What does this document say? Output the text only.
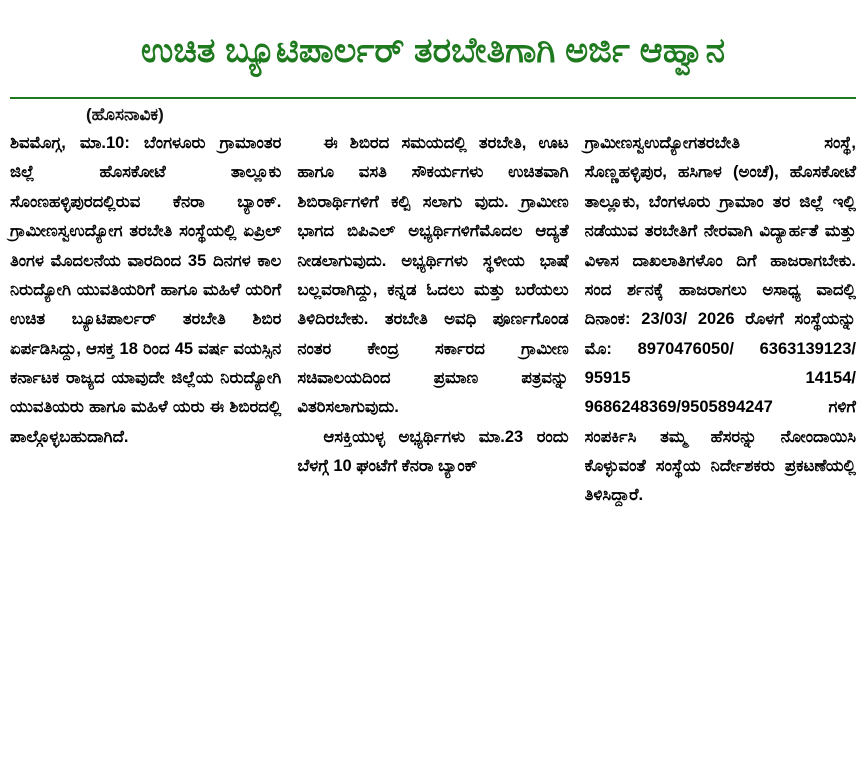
ಉಚಿತ ಬ್ಯೂಟಿಪಾರ್ಲರ್ ತರಬೇತಿಗಾಗಿ ಅರ್ಜಿ ಆಹ್ವಾನ
(ಹೊಸನಾವಿಕ)

ಶಿವಮೊಗ್ಗ, ಮಾ.10: ಬೆಂಗಳೂರು ಗ್ರಾಮಾಂತರ ಜಿಲ್ಲೆ ಹೊಸಕೋಟೆ ತಾಲ್ಲೂಕು ಸೊಂಣಹಳ್ಳಿಪುರದಲ್ಲಿರುವ ಕೆನರಾ ಬ್ಯಾಂಕ್. ಗ್ರಾಮೀಣಸ್ವಉದ್ಯೋಗ ತರಬೇತಿ ಸಂಸ್ಥೆಯಲ್ಲಿ ಏಪ್ರಿಲ್ ತಿಂಗಳ ಮೊದಲನೆಯ ವಾರದಿಂದ 35 ದಿನಗಳ ಕಾಲ ನಿರುದ್ಯೋಗಿ ಯುವತಿಯರಿಗೆ ಹಾಗೂ ಮಹಿಳೆ ಯರಿಗೆ ಉಚಿತ ಬ್ಯೂಟಿಪಾರ್ಲರ್ ತರಬೇತಿ ಶಿಬಿರ ಏರ್ಪಡಿಸಿದ್ದು, ಆಸಕ್ತ 18 ರಿಂದ 45 ವರ್ಷ ವಯಸ್ಸಿನ ಕರ್ನಾಟಕ ರಾಜ್ಯದ ಯಾವುದೇ ಜಿಲ್ಲೆಯ ನಿರುದ್ಯೋಗಿ ಯುವತಿಯರು ಹಾಗೂ ಮಹಿಳೆ ಯರು ಈ ಶಿಬಿರದಲ್ಲಿ ಪಾಲ್ಗೊಳ್ಳಬಹುದಾಗಿದೆ.

ಈ ಶಿಬಿರದ ಸಮಯದಲ್ಲಿ ತರಬೇತಿ, ಊಟ ಹಾಗೂ ವಸತಿ ಸೌಕರ್ಯಗಳು ಉಚಿತವಾಗಿ ಶಿಬಿರಾರ್ಥಿಗಳಿಗೆ ಕಲ್ಪಿ ಸಲಾಗು ವುದು. ಗ್ರಾಮೀಣ ಭಾಗದ ಬಿಪಿಎಲ್ ಅಭ್ಯರ್ಥಿಗಳಿಗೆಮೊದಲ ಆದ್ಯತೆ ನೀಡಲಾಗುವುದು. ಅಭ್ಯರ್ಥಿಗಳು ಸ್ಥಳೀಯ ಭಾಷೆ ಬಲ್ಲವರಾಗಿದ್ದು, ಕನ್ನಡ ಓದಲು ಮತ್ತು ಬರೆಯಲು ತಿಳಿದಿರಬೇಕು. ತರಬೇತಿ ಅವಧಿ ಪೂರ್ಣಗೊಂಡ ನಂತರ ಕೇಂದ್ರ ಸರ್ಕಾರದ ಗ್ರಾಮೀಣ ಸಚಿವಾಲಯದಿಂದ ಪ್ರಮಾಣ ಪತ್ರವನ್ನು ವಿತರಿಸಲಾಗುವುದು.

ಆಸಕ್ತಿಯುಳ್ಳ ಅಭ್ಯರ್ಥಿಗಳು ಮಾ.23 ರಂದು ಬೆಳಗ್ಗೆ 10 ಘಂಟೆಗೆ ಕೆನರಾ ಬ್ಯಾಂಕ್

ಗ್ರಾಮೀಣಸ್ವಉದ್ಯೋಗತರಬೇತಿ ಸಂಸ್ಥೆ, ಸೊಣ್ಣಹಳ್ಳಿಪುರ, ಹಸಿಗಾಳ (ಅಂಚೆ), ಹೊಸಕೋಟೆ ತಾಲ್ಲೂಕು, ಬೆಂಗಳೂರು ಗ್ರಾಮಾಂ ತರ ಜಿಲ್ಲೆ ಇಲ್ಲಿ ನಡೆಯುವ ತರಬೇತಿಗೆ ನೇರವಾಗಿ ವಿದ್ಯಾರ್ಹತೆ ಮತ್ತು ವಿಳಾಸ ದಾಖಲಾತಿಗಳೊಂ ದಿಗೆ ಹಾಜರಾಗಬೇಕು. ಸಂದ ರ್ಶನಕ್ಕೆ ಹಾಜರಾಗಲು ಅಸಾಧ್ಯ ವಾದಲ್ಲಿ ದಿನಾಂಕ: 23/03/ 2026 ರೊಳಗೆ ಸಂಸ್ಥೆಯನ್ನು ಮೊ: 8970476050/ 6363139123/ 95915 14154/ 9686248369/9505894247 ಗಳಿಗೆ ಸಂಪರ್ಕಿಸಿ ತಮ್ಮ ಹೆಸರನ್ನು ನೋಂದಾಯಿಸಿ ಕೊಳ್ಳುವಂತೆ ಸಂಸ್ಥೆಯ ನಿರ್ದೇಶಕರು ಪ್ರಕಟಣೆಯಲ್ಲಿ ತಿಳಿಸಿದ್ದಾರೆ.
